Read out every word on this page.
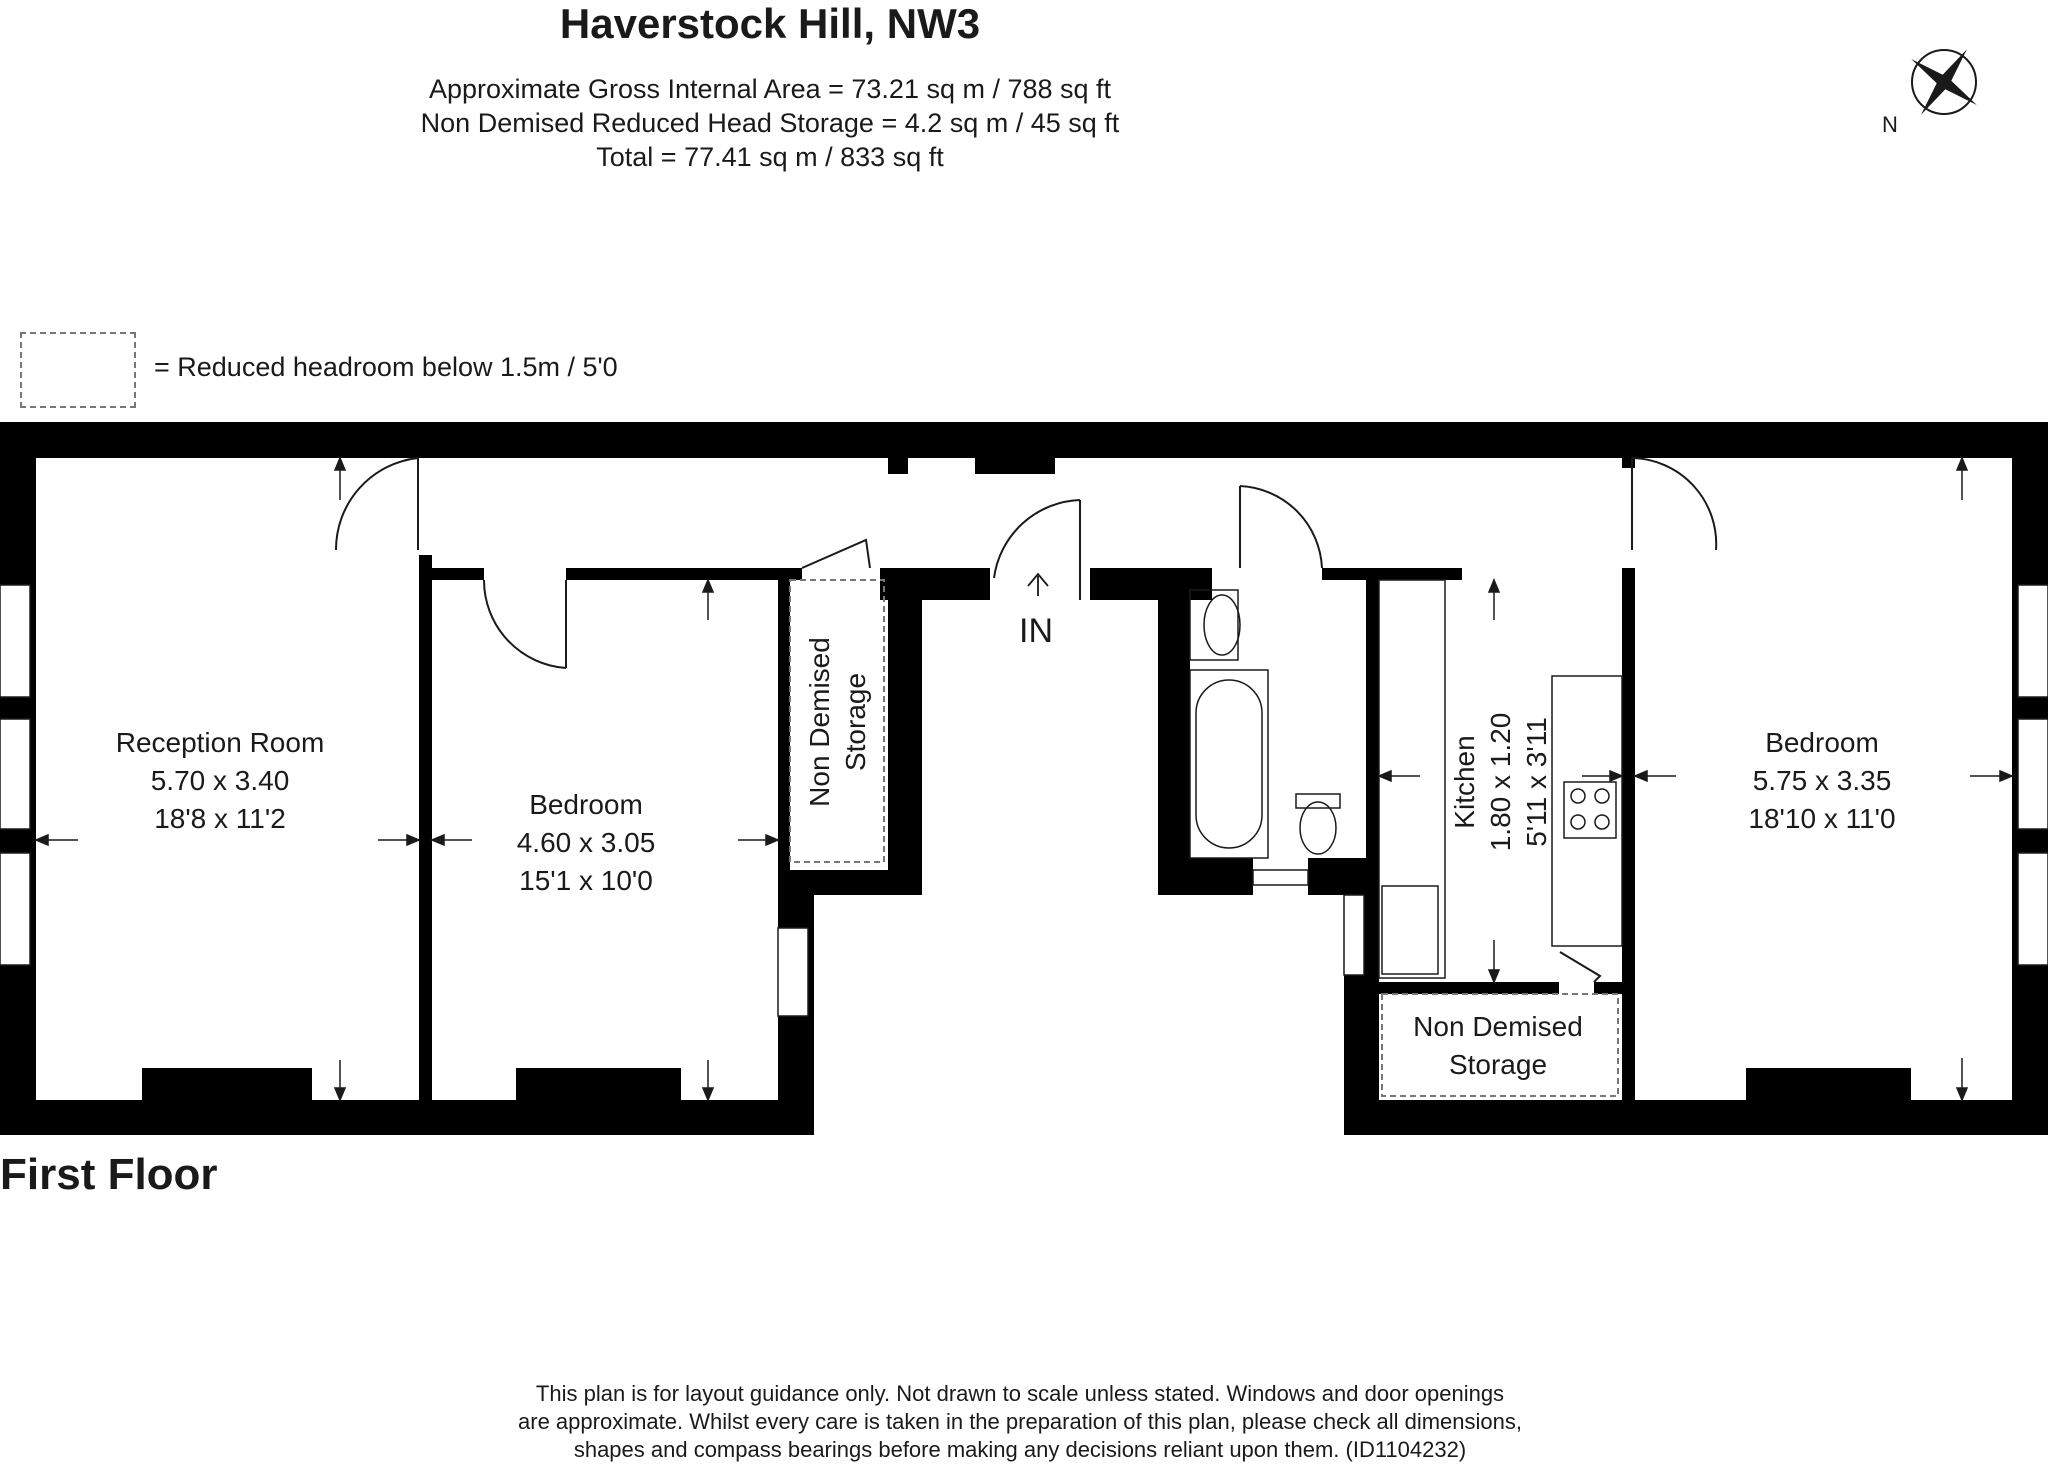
Haverstock Hill, NW3
Approximate Gross Internal Area = 73.21 sq m / 788 sq ft
Non Demised Reduced Head Storage = 4.2 sq m / 45 sq ft
Total = 77.41 sq m / 833 sq ft
N
= Reduced headroom below 1.5m / 5'0
IN
Reception Room
5.70 x 3.40
18'8 x 11'2	Bedroom
4.60 x 3.05
15'1 x 10'0
Non Demised Storage
Kitchen 1.80 x 1.20 5'11 x 3'11
Non Demised
Storage
Bedroom
5.75 x 3.35
18'10 x 11'0
First Floor
This plan is for layout guidance only. Not drawn to scale unless stated. Windows and door openings
are approximate. Whilst every care is taken in the preparation of this plan, please check all dimensions,
shapes and compass bearings before making any decisions reliant upon them. (ID1104232)
